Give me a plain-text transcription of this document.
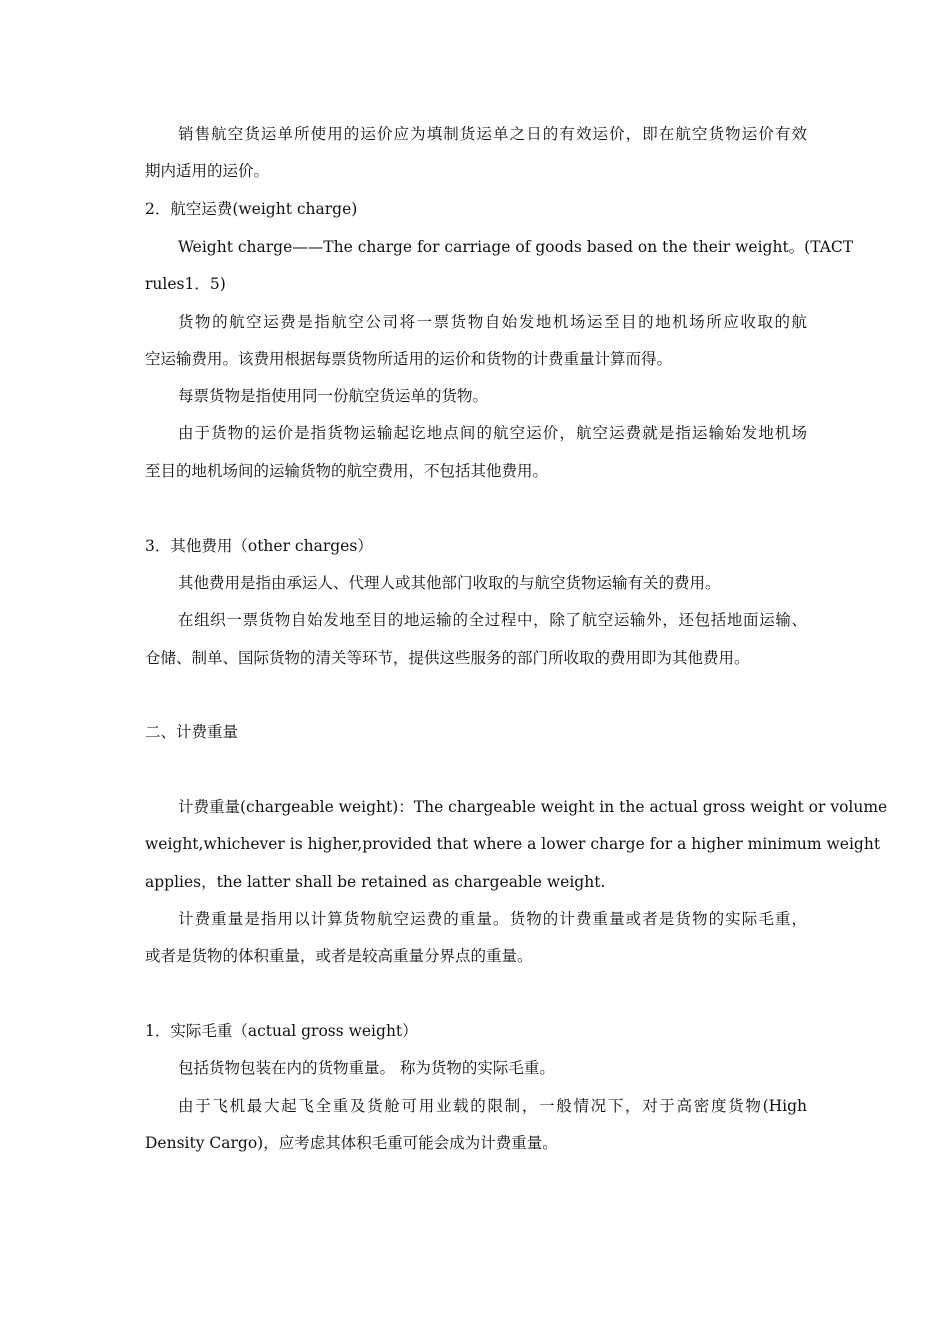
销售航空货运单所使用的运价应为填制货运单之日的有效运价，即在航空货物运价有效
期内适用的运价。
2．航空运费(weight charge)
Weight charge——The charge for carriage of goods based on the their weight。(TACT
rules1．5)
货物的航空运费是指航空公司将一票货物自始发地机场运至目的地机场所应收取的航
空运输费用。该费用根据每票货物所适用的运价和货物的计费重量计算而得。
每票货物是指使用同一份航空货运单的货物。
由于货物的运价是指货物运输起讫地点间的航空运价，航空运费就是指运输始发地机场
至目的地机场间的运输货物的航空费用，不包括其他费用。
3．其他费用（other charges）
其他费用是指由承运人、代理人或其他部门收取的与航空货物运输有关的费用。
在组织一票货物自始发地至目的地运输的全过程中，除了航空运输外，还包括地面运输、
仓储、制单、国际货物的清关等环节，提供这些服务的部门所收取的费用即为其他费用。
二、计费重量
计费重量(chargeable weight)：The chargeable weight in the actual gross weight or volume
weight,whichever is higher,provided that where a lower charge for a higher minimum weight
applies，the latter shall be retained as chargeable weight.
计费重量是指用以计算货物航空运费的重量。货物的计费重量或者是货物的实际毛重，
或者是货物的体积重量，或者是较高重量分界点的重量。
1．实际毛重（actual gross weight）
包括货物包装在内的货物重量。 称为货物的实际毛重。
由于飞机最大起飞全重及货舱可用业载的限制，一般情况下，对于高密度货物(High
Density Cargo)，应考虑其体积毛重可能会成为计费重量。
